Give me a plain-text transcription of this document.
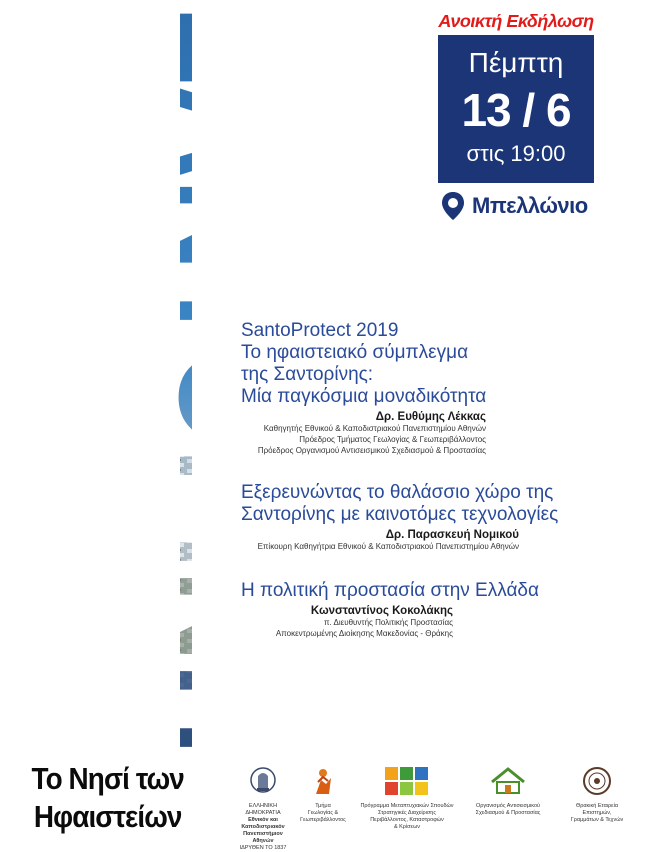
Το Νησί των
Ηφαιστείων
Ανοικτή Εκδήλωση
Πέμπτη
13 / 6
στις 19:00
Μπελλώνιο
SantoProtect 2019
Το ηφαιστειακό σύμπλεγμα
της Σαντορίνης:
Μία παγκόσμια μοναδικότητα
Δρ. Ευθύμης Λέκκας
Καθηγητής Εθνικού & Καποδιστριακού Πανεπιστημίου Αθηνών
Πρόεδρος Τμήματος Γεωλογίας & Γεωπεριβάλλοντος
Πρόεδρος Οργανισμού Αντισεισμικού Σχεδιασμού & Προστασίας
Εξερευνώντας το θαλάσσιο χώρο της
Σαντορίνης με καινοτόμες τεχνολογίες
Δρ. Παρασκευή Νομικού
Επίκουρη Καθηγήτρια Εθνικού & Καποδιστριακού Πανεπιστημίου Αθηνών
Η πολιτική προστασία στην Ελλάδα
Κωνσταντίνος Κοκολάκης
π. Διευθυντής Πολιτικής Προστασίας
Αποκεντρωμένης Διοίκησης Μακεδονίας - Θράκης
ΕΛΛΗΝΙΚΗ ΔΗΜΟΚΡΑΤΙΑ
Εθνικόν και Καποδιστριακόν
Πανεπιστήμιον Αθηνών
ΙΔΡΥΘΕΝ ΤΟ 1837
Τμήμα
Γεωλογίας &
Γεωπεριβάλλοντος
Πρόγραμμα Μεταπτυχιακών Σπουδών
Στρατηγικές Διαχείρισης
Περιβάλλοντος, Καταστροφών
& Κρίσεων
Οργανισμός Αντισεισμικού
Σχεδιασμού & Προστασίας
Θρακική Εταιρεία
Επιστημών,
Γραμμάτων & Τεχνών
